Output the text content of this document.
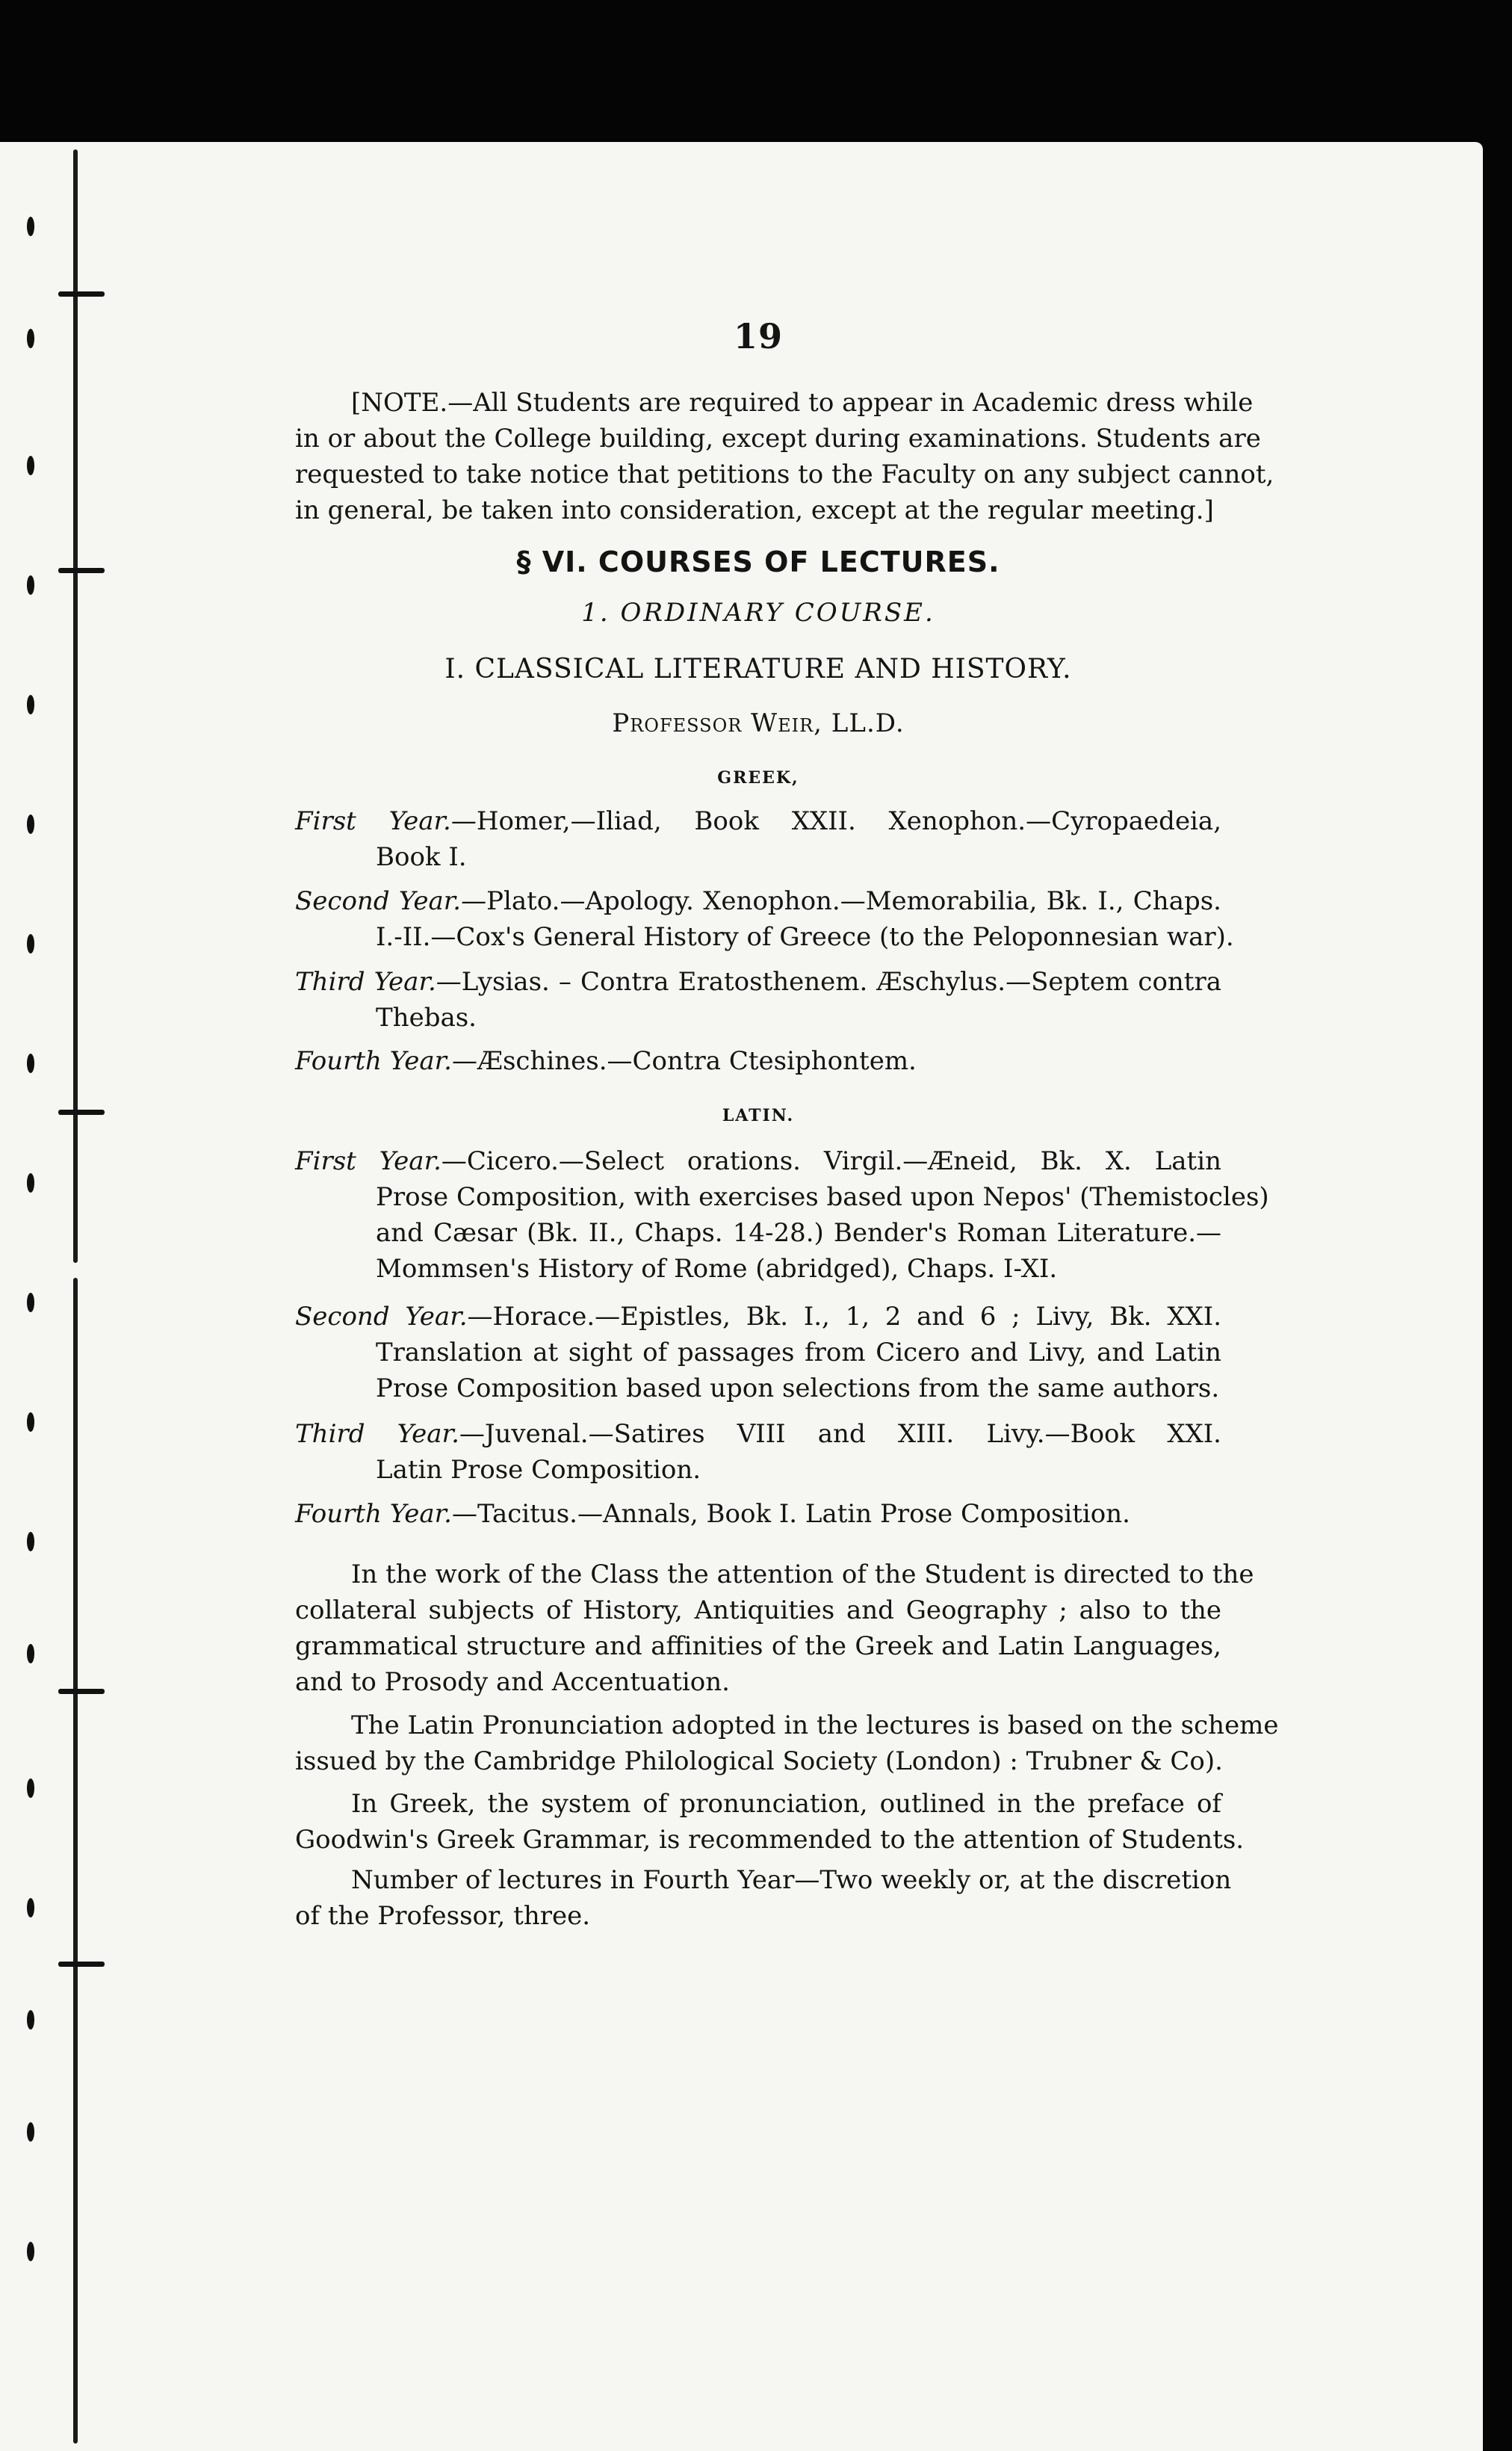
19
[NOTE.—All Students are required to appear in Academic dress while
in or about the College building, except during examinations. Students are
requested to take notice that petitions to the Faculty on any subject cannot,
in general, be taken into consideration, except at the regular meeting.]
§ VI. COURSES OF LECTURES.
1. ORDINARY COURSE.
I. CLASSICAL LITERATURE AND HISTORY.
Professor Weir, LL.D.
GREEK,
First Year.—Homer,—Iliad, Book XXII. Xenophon.—Cyropaedeia,
Book I.
Second Year.—Plato.—Apology. Xenophon.—Memorabilia, Bk. I., Chaps.
I.-II.—Cox's General History of Greece (to the Peloponnesian war).
Third Year.—Lysias. – Contra Eratosthenem. Æschylus.—Septem contra
Thebas.
Fourth Year.—Æschines.—Contra Ctesiphontem.
LATIN.
First Year.—Cicero.—Select orations. Virgil.—Æneid, Bk. X. Latin
Prose Composition, with exercises based upon Nepos' (Themistocles)
and Cæsar (Bk. II., Chaps. 14-28.) Bender's Roman Literature.—
Mommsen's History of Rome (abridged), Chaps. I-XI.
Second Year.—Horace.—Epistles, Bk. I., 1, 2 and 6 ; Livy, Bk. XXI.
Translation at sight of passages from Cicero and Livy, and Latin
Prose Composition based upon selections from the same authors.
Third Year.—Juvenal.—Satires VIII and XIII. Livy.—Book XXI.
Latin Prose Composition.
Fourth Year.—Tacitus.—Annals, Book I. Latin Prose Composition.
In the work of the Class the attention of the Student is directed to the
collateral subjects of History, Antiquities and Geography ; also to the
grammatical structure and affinities of the Greek and Latin Languages,
and to Prosody and Accentuation.
The Latin Pronunciation adopted in the lectures is based on the scheme
issued by the Cambridge Philological Society (London) : Trubner & Co).
In Greek, the system of pronunciation, outlined in the preface of
Goodwin's Greek Grammar, is recommended to the attention of Students.
Number of lectures in Fourth Year—Two weekly or, at the discretion
of the Professor, three.
